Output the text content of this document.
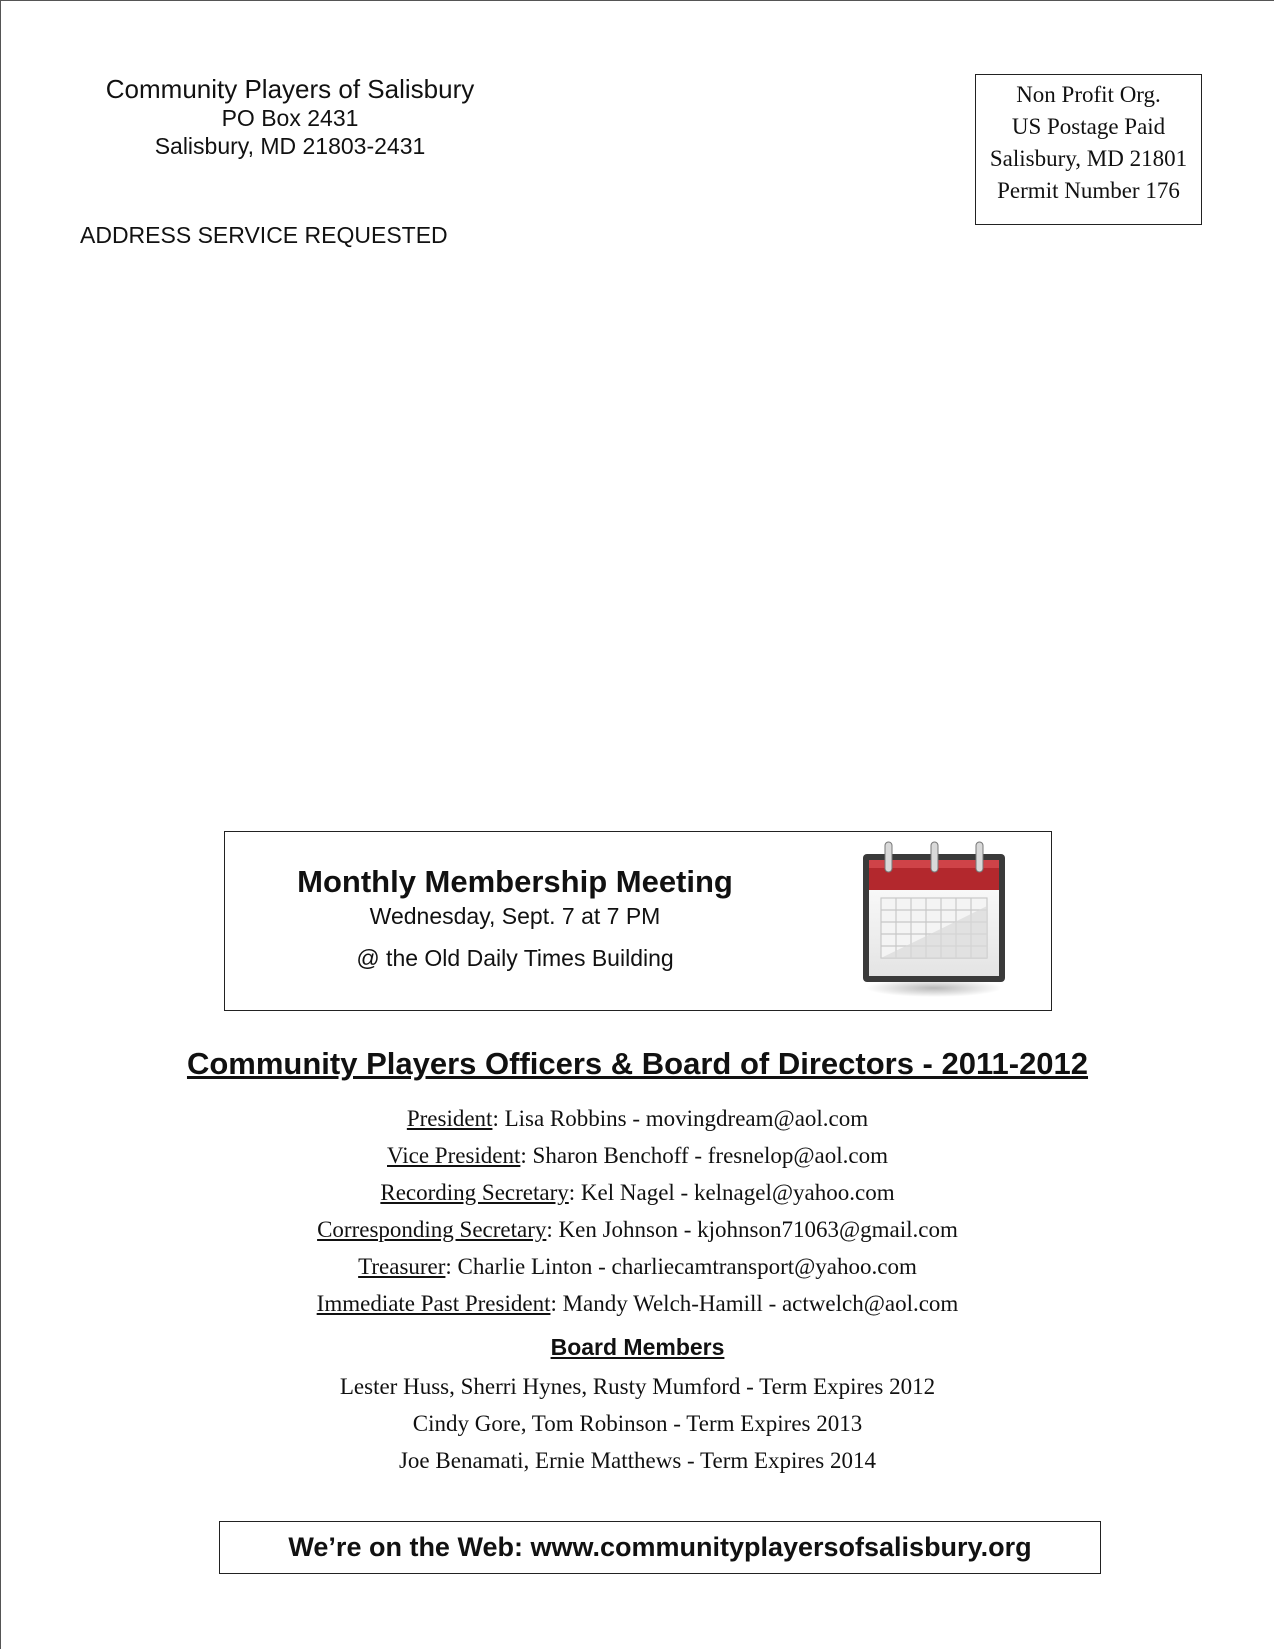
Community Players of Salisbury
PO Box 2431
Salisbury, MD 21803-2431
ADDRESS SERVICE REQUESTED
Non Profit Org.
US Postage Paid
Salisbury, MD 21801
Permit Number 176
Monthly Membership Meeting
Wednesday, Sept. 7 at 7 PM
@ the Old Daily Times Building
Community Players Officers & Board of Directors - 2011-2012
President: Lisa Robbins - movingdream@aol.com
Vice President: Sharon Benchoff - fresnelop@aol.com
Recording Secretary: Kel Nagel - kelnagel@yahoo.com
Corresponding Secretary: Ken Johnson - kjohnson71063@gmail.com
Treasurer: Charlie Linton - charliecamtransport@yahoo.com
Immediate Past President: Mandy Welch-Hamill - actwelch@aol.com
Board Members
Lester Huss, Sherri Hynes, Rusty Mumford - Term Expires 2012
Cindy Gore, Tom Robinson - Term Expires 2013
Joe Benamati, Ernie Matthews - Term Expires 2014
We’re on the Web: www.communityplayersofsalisbury.org
